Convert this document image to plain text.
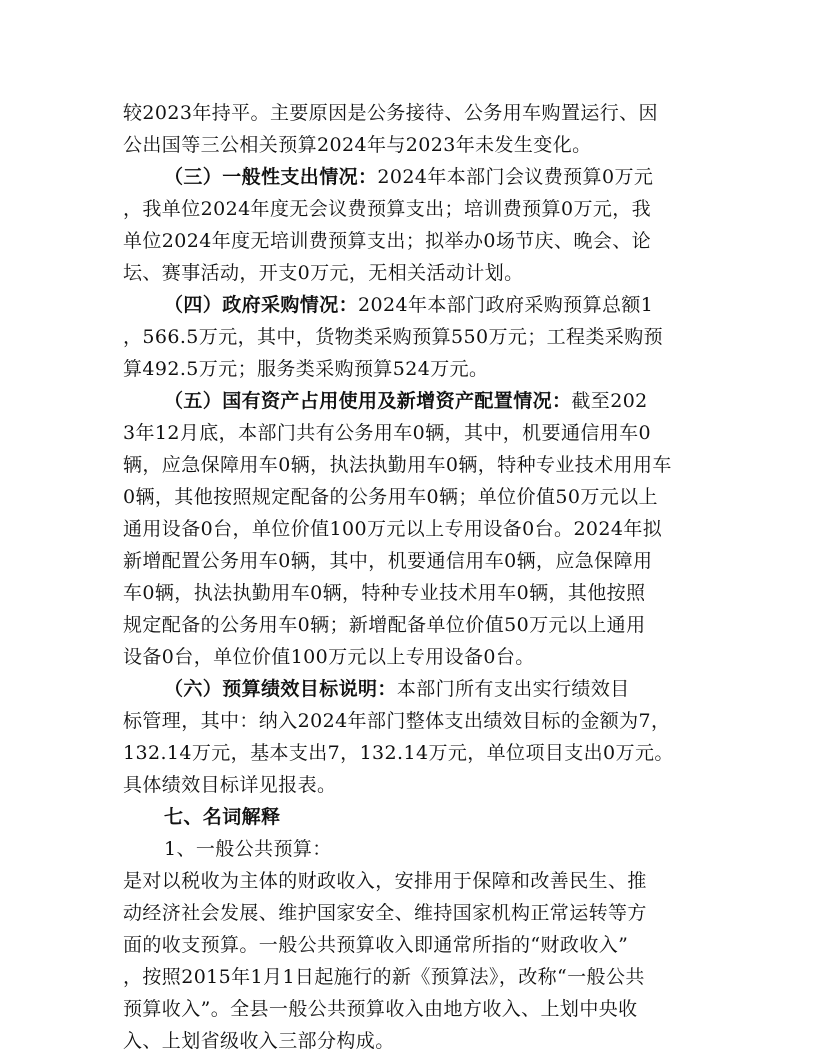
较2023年持平。主要原因是公务接待、公务用车购置运行、因
公出国等三公相关预算2024年与2023年未发生变化。
（三）一般性支出情况：2024年本部门会议费预算0万元
，我单位2024年度无会议费预算支出；培训费预算0万元，我
单位2024年度无培训费预算支出；拟举办0场节庆、晚会、论
坛、赛事活动，开支0万元，无相关活动计划。
（四）政府采购情况：2024年本部门政府采购预算总额1
，566.5万元，其中，货物类采购预算550万元；工程类采购预
算492.5万元；服务类采购预算524万元。
（五）国有资产占用使用及新增资产配置情况：截至202
3年12月底，本部门共有公务用车0辆，其中，机要通信用车0
辆，应急保障用车0辆，执法执勤用车0辆，特种专业技术用用车
0辆，其他按照规定配备的公务用车0辆；单位价值50万元以上
通用设备0台，单位价值100万元以上专用设备0台。2024年拟
新增配置公务用车0辆，其中，机要通信用车0辆，应急保障用
车0辆，执法执勤用车0辆，特种专业技术用车0辆，其他按照
规定配备的公务用车0辆；新增配备单位价值50万元以上通用
设备0台，单位价值100万元以上专用设备0台。
（六）预算绩效目标说明：本部门所有支出实行绩效目
标管理，其中：纳入2024年部门整体支出绩效目标的金额为7，
132.14万元，基本支出7，132.14万元，单位项目支出0万元。
具体绩效目标详见报表。
七、名词解释
1、一般公共预算：
是对以税收为主体的财政收入，安排用于保障和改善民生、推
动经济社会发展、维护国家安全、维持国家机构正常运转等方
面的收支预算。一般公共预算收入即通常所指的“财政收入”
，按照2015年1月1日起施行的新《预算法》，改称“一般公共
预算收入”。全县一般公共预算收入由地方收入、上划中央收
入、上划省级收入三部分构成。
